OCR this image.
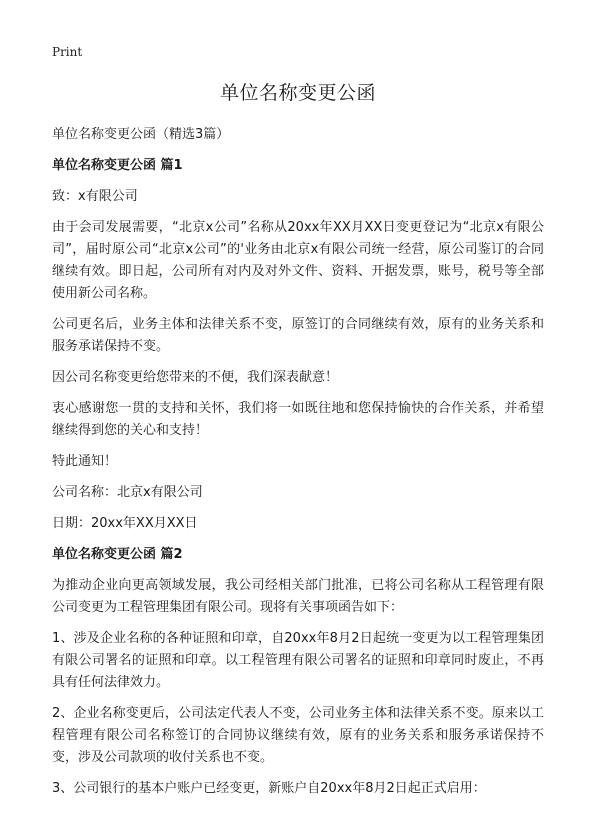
Print
单位名称变更公函

单位名称变更公函（精选3篇）

单位名称变更公函 篇1

致：x有限公司

由于会司发展需要，“北京x公司”名称从20xx年XX月XX日变更登记为“北京x有限公司”，届时原公司“北京x公司”的'业务由北京x有限公司统一经营，原公司鉴订的合同继续有效。即日起，公司所有对内及对外文件、资料、开据发票，账号，税号等全部使用新公司名称。

公司更名后，业务主体和法律关系不变，原签订的合同继续有效，原有的业务关系和服务承诺保持不变。

因公司名称变更给您带来的不便，我们深表献意！

衷心感谢您一贯的支持和关怀，我们将一如既往地和您保持愉快的合作关系，并希望继续得到您的关心和支持！

特此通知！

公司名称：北京x有限公司

日期：20xx年XX月XX日

单位名称变更公函 篇2

为推动企业向更高领域发展，我公司经相关部门批准，已将公司名称从工程管理有限公司变更为工程管理集团有限公司。现将有关事项函告如下：

1、涉及企业名称的各种证照和印章，自20xx年8月2日起统一变更为以工程管理集团有限公司署名的证照和印章。以工程管理有限公司署名的证照和印章同时废止，不再具有任何法律效力。

2、企业名称变更后，公司法定代表人不变，公司业务主体和法律关系不变。原来以工程管理有限公司名称签订的合同协议继续有效，原有的业务关系和服务承诺保持不变，涉及公司款项的收付关系也不变。

3、公司银行的基本户账户已经变更，新账户自20xx年8月2日起正式启用：
